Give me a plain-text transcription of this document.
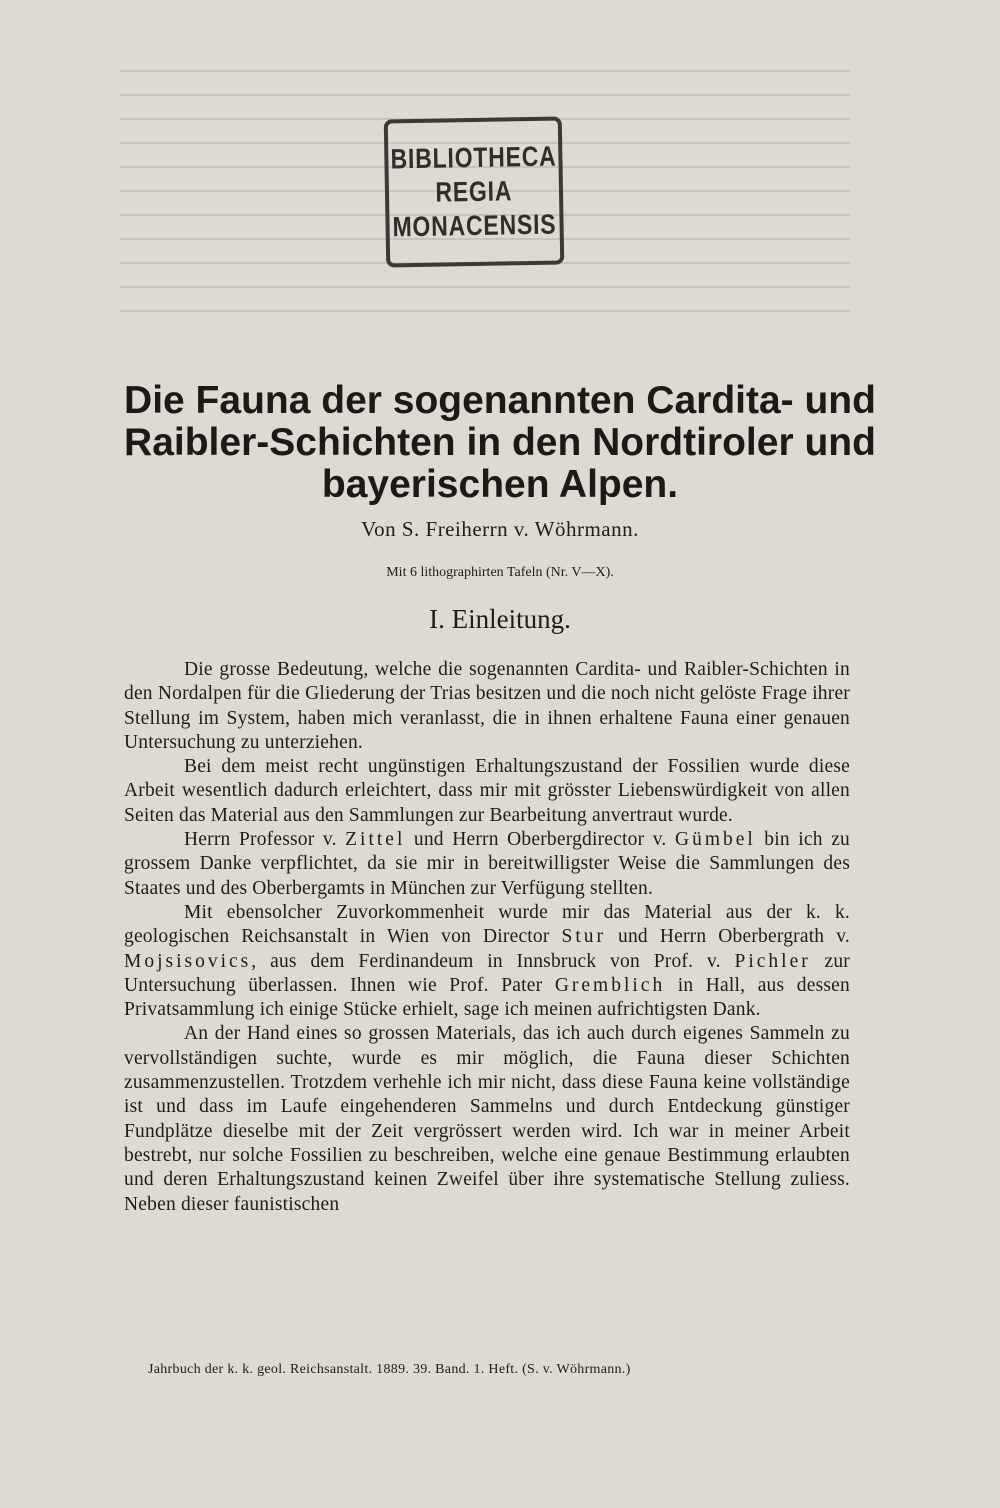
BIBLIOTHECA
REGIA
MONACENSIS
Die Fauna der sogenannten Cardita- und
Raibler-Schichten in den Nordtiroler und
bayerischen Alpen.
Von S. Freiherrn v. Wöhrmann.
Mit 6 lithographirten Tafeln (Nr. V—X).
I. Einleitung.

Die grosse Bedeutung, welche die sogenannten Cardita- und Raibler-Schichten in den Nordalpen für die Gliederung der Trias besitzen und die noch nicht gelöste Frage ihrer Stellung im System, haben mich veranlasst, die in ihnen erhaltene Fauna einer genauen Untersuchung zu unterziehen.

Bei dem meist recht ungünstigen Erhaltungszustand der Fossilien wurde diese Arbeit wesentlich dadurch erleichtert, dass mir mit grösster Liebenswürdigkeit von allen Seiten das Material aus den Sammlungen zur Bearbeitung anvertraut wurde.

Herrn Professor v. Zittel und Herrn Oberbergdirector v. Gümbel bin ich zu grossem Danke verpflichtet, da sie mir in bereitwilligster Weise die Sammlungen des Staates und des Oberbergamts in München zur Verfügung stellten.

Mit ebensolcher Zuvorkommenheit wurde mir das Material aus der k. k. geologischen Reichsanstalt in Wien von Director Stur und Herrn Oberbergrath v. Mojsisovics, aus dem Ferdinandeum in Innsbruck von Prof. v. Pichler zur Untersuchung überlassen. Ihnen wie Prof. Pater Gremblich in Hall, aus dessen Privatsammlung ich einige Stücke erhielt, sage ich meinen aufrichtigsten Dank.

An der Hand eines so grossen Materials, das ich auch durch eigenes Sammeln zu vervollständigen suchte, wurde es mir möglich, die Fauna dieser Schichten zusammenzustellen. Trotzdem verhehle ich mir nicht, dass diese Fauna keine vollständige ist und dass im Laufe eingehenderen Sammelns und durch Entdeckung günstiger Fundplätze dieselbe mit der Zeit vergrössert werden wird. Ich war in meiner Arbeit bestrebt, nur solche Fossilien zu beschreiben, welche eine genaue Bestimmung erlaubten und deren Erhaltungszustand keinen Zweifel über ihre systematische Stellung zuliess. Neben dieser faunistischen

Jahrbuch der k. k. geol. Reichsanstalt. 1889. 39. Band. 1. Heft. (S. v. Wöhrmann.)
